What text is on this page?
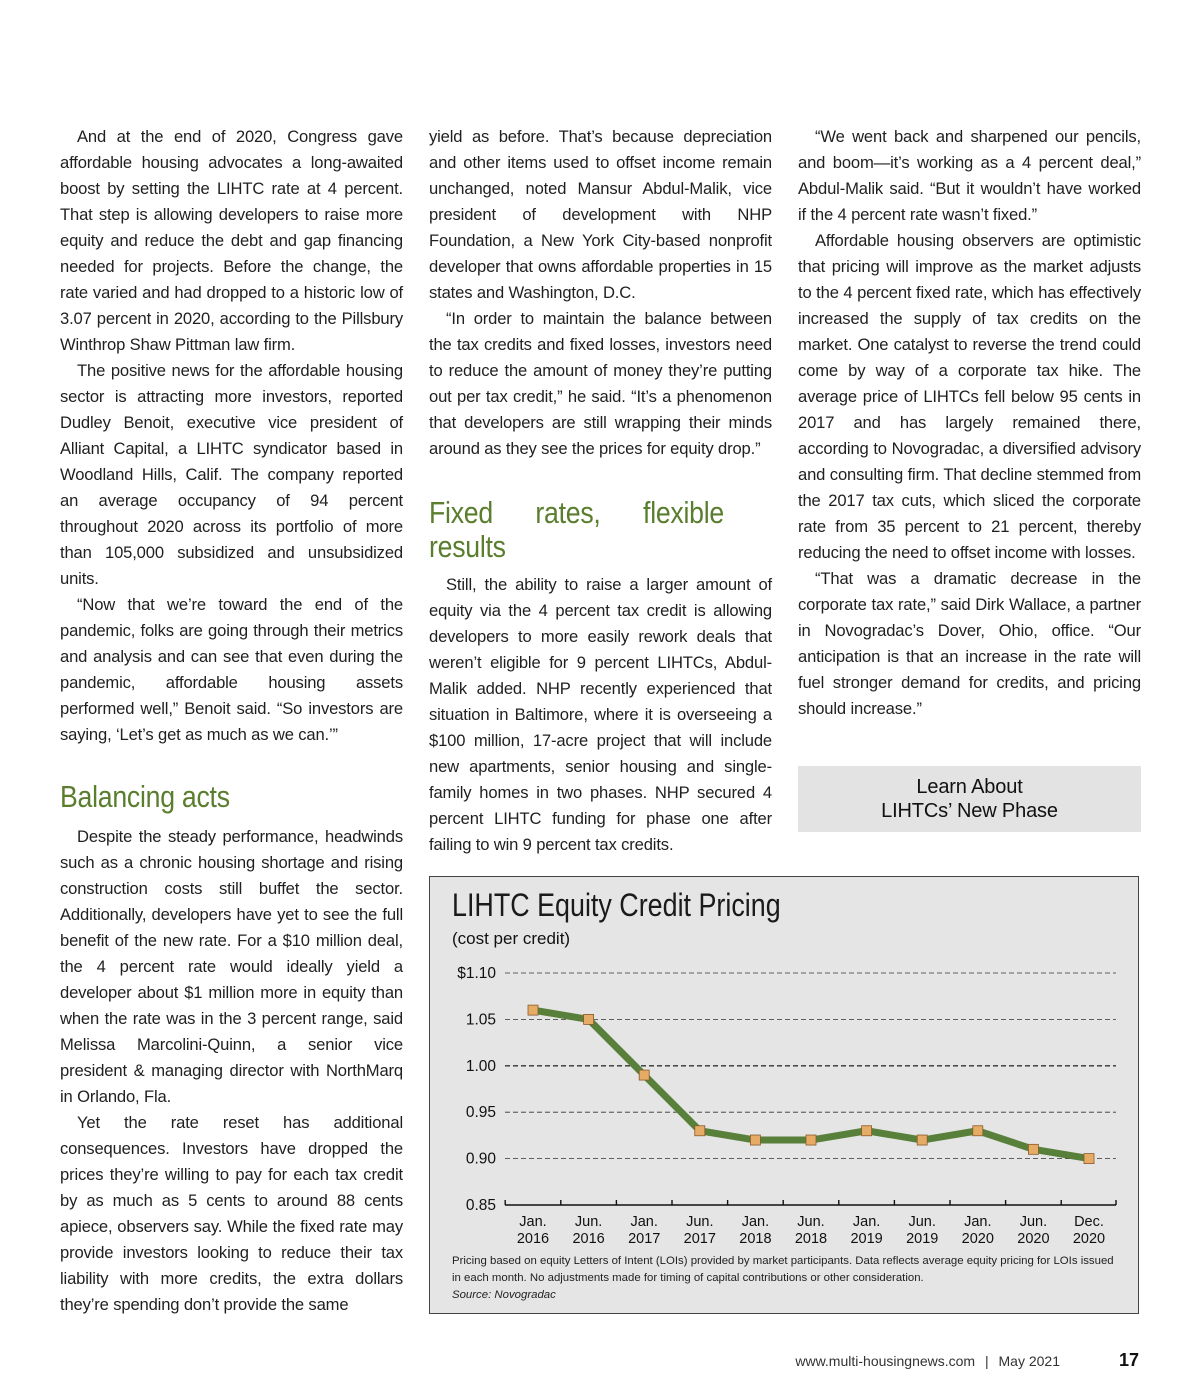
And at the end of 2020, Congress gave affordable housing advocates a long-awaited boost by setting the LIHTC rate at 4 percent. That step is allowing developers to raise more equity and reduce the debt and gap financing needed for projects. Before the change, the rate varied and had dropped to a historic low of 3.07 percent in 2020, according to the Pillsbury Winthrop Shaw Pittman law firm.

The positive news for the affordable housing sector is attracting more investors, reported Dudley Benoit, executive vice president of Alliant Capital, a LIHTC syndicator based in Woodland Hills, Calif. The company reported an average occupancy of 94 percent throughout 2020 across its portfolio of more than 105,000 subsidized and unsubsidized units.

“Now that we’re toward the end of the pandemic, folks are going through their metrics and analysis and can see that even during the pandemic, affordable housing assets performed well,” Benoit said. “So investors are saying, ‘Let’s get as much as we can.’”

Balancing acts

Despite the steady performance, headwinds such as a chronic housing shortage and rising construction costs still buffet the sector. Additionally, developers have yet to see the full benefit of the new rate. For a $10 million deal, the 4 percent rate would ideally yield a developer about $1 million more in equity than when the rate was in the 3 percent range, said Melissa Marcolini-Quinn, a senior vice president & managing director with NorthMarq in Orlando, Fla.

Yet the rate reset has additional consequences. Investors have dropped the prices they’re willing to pay for each tax credit by as much as 5 cents to around 88 cents apiece, observers say. While the fixed rate may provide investors looking to reduce their tax liability with more credits, the extra dollars they’re spending don’t provide the same

yield as before. That’s because depreciation and other items used to offset income remain unchanged, noted Mansur Abdul-Malik, vice president of development with NHP Foundation, a New York City-based nonprofit developer that owns affordable properties in 15 states and Washington, D.C.

“In order to maintain the balance between the tax credits and fixed losses, investors need to reduce the amount of money they’re putting out per tax credit,” he said. “It’s a phenomenon that developers are still wrapping their minds around as they see the prices for equity drop.”

Fixed rates, flexible results

Still, the ability to raise a larger amount of equity via the 4 percent tax credit is allowing developers to more easily rework deals that weren’t eligible for 9 percent LIHTCs, Abdul-Malik added. NHP recently experienced that situation in Baltimore, where it is overseeing a $100 million, 17-acre project that will include new apartments, senior housing and single-family homes in two phases. NHP secured 4 percent LIHTC funding for phase one after failing to win 9 percent tax credits.

“We went back and sharpened our pencils, and boom—it’s working as a 4 percent deal,” Abdul-Malik said. “But it wouldn’t have worked if the 4 percent rate wasn’t fixed.”

Affordable housing observers are optimistic that pricing will improve as the market adjusts to the 4 percent fixed rate, which has effectively increased the supply of tax credits on the market. One catalyst to reverse the trend could come by way of a corporate tax hike. The average price of LIHTCs fell below 95 cents in 2017 and has largely remained there, according to Novogradac, a diversified advisory and consulting firm. That decline stemmed from the 2017 tax cuts, which sliced the corporate rate from 35 percent to 21 percent, thereby reducing the need to offset income with losses.

“That was a dramatic decrease in the corporate tax rate,” said Dirk Wallace, a partner in Novogradac’s Dover, Ohio, office. “Our anticipation is that an increase in the rate will fuel stronger demand for credits, and pricing should increase.”

Learn About
LIHTCs’ New Phase
LIHTC Equity Credit Pricing
(cost per credit)
0.85
0.90
0.95
1.00
1.05
$1.10
Jan. 2016
Jun. 2016
Jan. 2017
Jun. 2017
Jan. 2018
Jun. 2018
Jan. 2019
Jun. 2019
Jan. 2020
Jun. 2020
Dec. 2020
Pricing based on equity Letters of Intent (LOIs) provided by market participants. Data reflects average equity pricing for LOIs issued in each month. No adjustments made for timing of capital contributions or other consideration.
Source: Novogradac
www.multi-housingnews.com | May 2021	17
